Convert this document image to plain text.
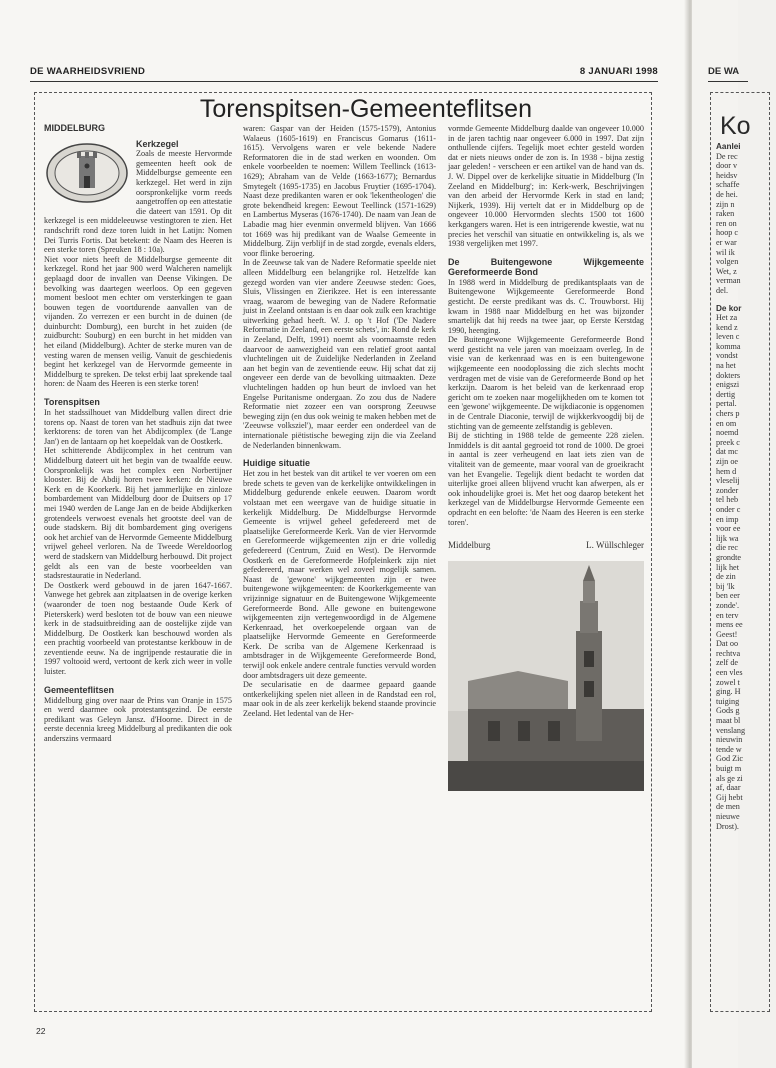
DE WAARHEIDSVRIEND	8 JANUARI 1998
Torenspitsen-Gemeenteflitsen
MIDDELBURG
Kerkzegel

Zoals de meeste Hervormde gemeenten heeft ook de Middelburgse gemeente een kerkzegel. Het werd in zijn oorspronkelijke vorm reeds aangetroffen op een attestatie die dateert van 1591. Op dit kerkzegel is een middeleeuwse vestingtoren te zien. Het randschrift rond deze toren luidt in het Latijn: Nomen Dei Turris Fortis. Dat betekent: de Naam des Heeren is een sterke toren (Spreuken 18 : 10a).

Niet voor niets heeft de Middelburgse gemeente dit kerkzegel. Rond het jaar 900 werd Walcheren namelijk geplaagd door de invallen van Deense Vikingen. De bevolking was daartegen weerloos. Op een gegeven moment besloot men echter om versterkingen te gaan bouwen tegen de voortdurende aanvallen van de vijanden. Zo verrezen er een burcht in de duinen (de duinburcht: Domburg), een burcht in het zuiden (de zuidburcht: Souburg) en een burcht in het midden van het eiland (Middelburg). Achter de sterke muren van de vesting waren de mensen veilig. Vanuit de geschiedenis begint het kerkzegel van de Hervormde gemeente in Middelburg te spreken. De tekst erbij laat sprekende taal horen: de Naam des Heeren is een sterke toren!

Torenspitsen

In het stadssilhouet van Middelburg vallen direct drie torens op. Naast de toren van het stadhuis zijn dat twee kerktorens: de toren van het Abdijcomplex (de 'Lange Jan') en de lantaarn op het koepeldak van de Oostkerk.

Het schitterende Abdijcomplex in het centrum van Middelburg dateert uit het begin van de twaalfde eeuw. Oorspronkelijk was het complex een Norbertijner klooster. Bij de Abdij horen twee kerken: de Nieuwe Kerk en de Koorkerk. Bij het jammerlijke en zinloze bombardement van Middelburg door de Duitsers op 17 mei 1940 werden de Lange Jan en de beide Abdijkerken grotendeels verwoest evenals het grootste deel van de oude stadskern. Bij dit bombardement ging overigens ook het archief van de Hervormde Gemeente Middelburg vrijwel geheel verloren. Na de Tweede Wereldoorlog werd de stadskern van Middelburg herbouwd. Dit project geldt als een van de beste voorbeelden van stadsrestauratie in Nederland.

De Oostkerk werd gebouwd in de jaren 1647-1667. Vanwege het gebrek aan zitplaatsen in de overige kerken (waaronder de toen nog bestaande Oude Kerk of Pieterskerk) werd besloten tot de bouw van een nieuwe kerk in de stadsuitbreiding aan de oostelijke zijde van Middelburg. De Oostkerk kan beschouwd worden als een prachtig voorbeeld van protestantse kerkbouw in de zeventiende eeuw. Na de ingrijpende restauratie die in 1997 voltooid werd, vertoont de kerk zich weer in volle luister.

Gemeenteflitsen

Middelburg ging over naar de Prins van Oranje in 1575 en werd daarmee ook protestantsgezind. De eerste predikant was Geleyn Jansz. d'Hoorne. Direct in de eerste decennia kreeg Middelburg al predikanten die ook anderszins vermaard

waren: Gaspar van der Heiden (1575-1579), Antonius Walaeus (1605-1619) en Franciscus Gomarus (1611-1615). Vervolgens waren er vele bekende Nadere Reformatoren die in de stad werken en woonden. Om enkele voorbeelden te noemen: Willem Teellinck (1613-1629); Abraham van de Velde (1663-1677); Bernardus Smytegelt (1695-1735) en Jacobus Fruytier (1695-1704). Naast deze predikanten waren er ook 'lekentheologen' die grote bekendheid kregen: Eewout Teellinck (1571-1629) en Lambertus Myseras (1676-1740). De naam van Jean de Labadie mag hier evenmin onvermeld blijven. Van 1666 tot 1669 was hij predikant van de Waalse Gemeente in Middelburg. Zijn verblijf in de stad zorgde, evenals elders, voor flinke beroering.

In de Zeeuwse tak van de Nadere Reformatie speelde niet alleen Middelburg een belangrijke rol. Hetzelfde kan gezegd worden van vier andere Zeeuwse steden: Goes, Sluis, Vlissingen en Zierikzee. Het is een interessante vraag, waarom de beweging van de Nadere Reformatie juist in Zeeland ontstaan is en daar ook zulk een krachtige uitwerking gehad heeft. W. J. op 't Hof ('De Nadere Reformatie in Zeeland, een eerste schets', in: Rond de kerk in Zeeland, Delft, 1991) noemt als voornaamste reden daarvoor de aanwezigheid van een relatief groot aantal vluchtelingen uit de Zuidelijke Nederlanden in Zeeland aan het begin van de zeventiende eeuw. Hij schat dat zij ongeveer een derde van de bevolking uitmaakten. Deze vluchtelingen hadden op hun beurt de invloed van het Engelse Puritanisme ondergaan. Zo zou dus de Nadere Reformatie niet zozeer een van oorsprong Zeeuwse beweging zijn (en dus ook weinig te maken hebben met de 'Zeeuwse volksziel'), maar eerder een onderdeel van de internationale piëtistische beweging zijn die via Zeeland de Nederlanden binnenkwam.

Huidige situatie

Het zou in het bestek van dit artikel te ver voeren om een brede schets te geven van de kerkelijke ontwikkelingen in Middelburg gedurende enkele eeuwen. Daarom wordt volstaan met een weergave van de huidige situatie in kerkelijk Middelburg. De Middelburgse Hervormde Gemeente is vrijwel geheel gefedereerd met de plaatselijke Gereformeerde Kerk. Van de vier Hervormde en Gereformeerde wijkgemeenten zijn er drie volledig gefedereerd (Centrum, Zuid en West). De Hervormde Oostkerk en de Gereformeerde Hofpleinkerk zijn niet gefedereerd, maar werken wel zoveel mogelijk samen. Naast de 'gewone' wijkgemeenten zijn er twee buitengewone wijkgemeenten: de Koorkerkgemeente van vrijzinnige signatuur en de Buitengewone Wijkgemeente Gereformeerde Bond. Alle gewone en buitengewone wijkgemeenten zijn vertegenwoordigd in de Algemene Kerkenraad, het overkoepelende orgaan van de plaatselijke Hervormde Gemeente en Gereformeerde Kerk. De scriba van de Algemene Kerkenraad is ambtsdrager in de Wijkgemeente Gereformeerde Bond, terwijl ook enkele andere centrale functies vervuld worden door ambtsdragers uit deze gemeente.

De secularisatie en de daarmee gepaard gaande ontkerkelijking spelen niet alleen in de Randstad een rol, maar ook in de als zeer kerkelijk bekend staande provincie Zeeland. Het ledental van de Her-

vormde Gemeente Middelburg daalde van ongeveer 10.000 in de jaren tachtig naar ongeveer 6.000 in 1997. Dat zijn onthullende cijfers. Tegelijk moet echter gesteld worden dat er niets nieuws onder de zon is. In 1938 - bijna zestig jaar geleden! - verscheen er een artikel van de hand van ds. J. W. Dippel over de kerkelijke situatie in Middelburg ('In Zeeland en Middelburg'; in: Kerk-werk, Beschrijvingen van den arbeid der Hervormde Kerk in stad en land; Nijkerk, 1939). Hij vertelt dat er in Middelburg op de ongeveer 10.000 Hervormden slechts 1500 tot 1600 kerkgangers waren. Het is een intrigerende kwestie, wat nu precies het verschil van situatie en ontwikkeling is, als we 1938 vergelijken met 1997.

De Buitengewone Wijkgemeente Gereformeerde Bond

In 1988 werd in Middelburg de predikantsplaats van de Buitengewone Wijkgemeente Gereformeerde Bond gesticht. De eerste predikant was ds. C. Trouwborst. Hij kwam in 1988 naar Middelburg en het was bijzonder smartelijk dat hij reeds na twee jaar, op Eerste Kerstdag 1990, heenging.

De Buitengewone Wijkgemeente Gereformeerde Bond werd gesticht na vele jaren van moeizaam overleg. In de visie van de kerkenraad was en is een buitengewone wijkgemeente een noodoplossing die zich slechts mocht verdragen met de visie van de Gereformeerde Bond op het kerkzijn. Daarom is het beleid van de kerkenraad erop gericht om te zoeken naar mogelijkheden om te komen tot een 'gewone' wijkgemeente. De wijkdiaconie is opgenomen in de Centrale Diaconie, terwijl de wijkkerkvoogdij bij de stichting van de gemeente zelfstandig is gebleven.

Bij de stichting in 1988 telde de gemeente 228 zielen. Inmiddels is dit aantal gegroeid tot rond de 1000. De groei in aantal is zeer verheugend en laat iets zien van de vitaliteit van de gemeente, maar vooral van de groeikracht van het Evangelie. Tegelijk dient bedacht te worden dat uiterlijke groei alleen blijvend vrucht kan afwerpen, als er ook inhoudelijke groei is. Met het oog daarop betekent het kerkzegel van de Middelburgse Hervormde Gemeente een opdracht en een belofte: 'de Naam des Heeren is een sterke toren'.

Middelburg	L. Wüllschleger
22
DE WA
Ko
Aanlei
De rec
door v
heidsv
schaffe
de hei.
zijn n
raken
ren on
hoop c
er war
wil ik
volgen
Wet, z
verman
del.
De kor
Het za
kend z
leven c
komma
vondst
na het
dokters
enigszi
dertig
pertal.
chers p
en om
noemd
preek c
dat mc
zijn oe
hem d
vleselij
zonder
tel heb
onder c
en imp
voor ee
lijk wa
die rec
grondte
lijk het
de zin
bij 'lk
ben eer
zonde'.
en terv
mens ee
Geest!
Dat oo
rechtva
zelf de
een vles
zowel t
ging. H
tuiging
Gods g
maat bl
venslang
nieuwin
tende w
God Zic
buigt m
als ge zi
af, daar
Gij hebt
de men
nieuwe
Drost).
